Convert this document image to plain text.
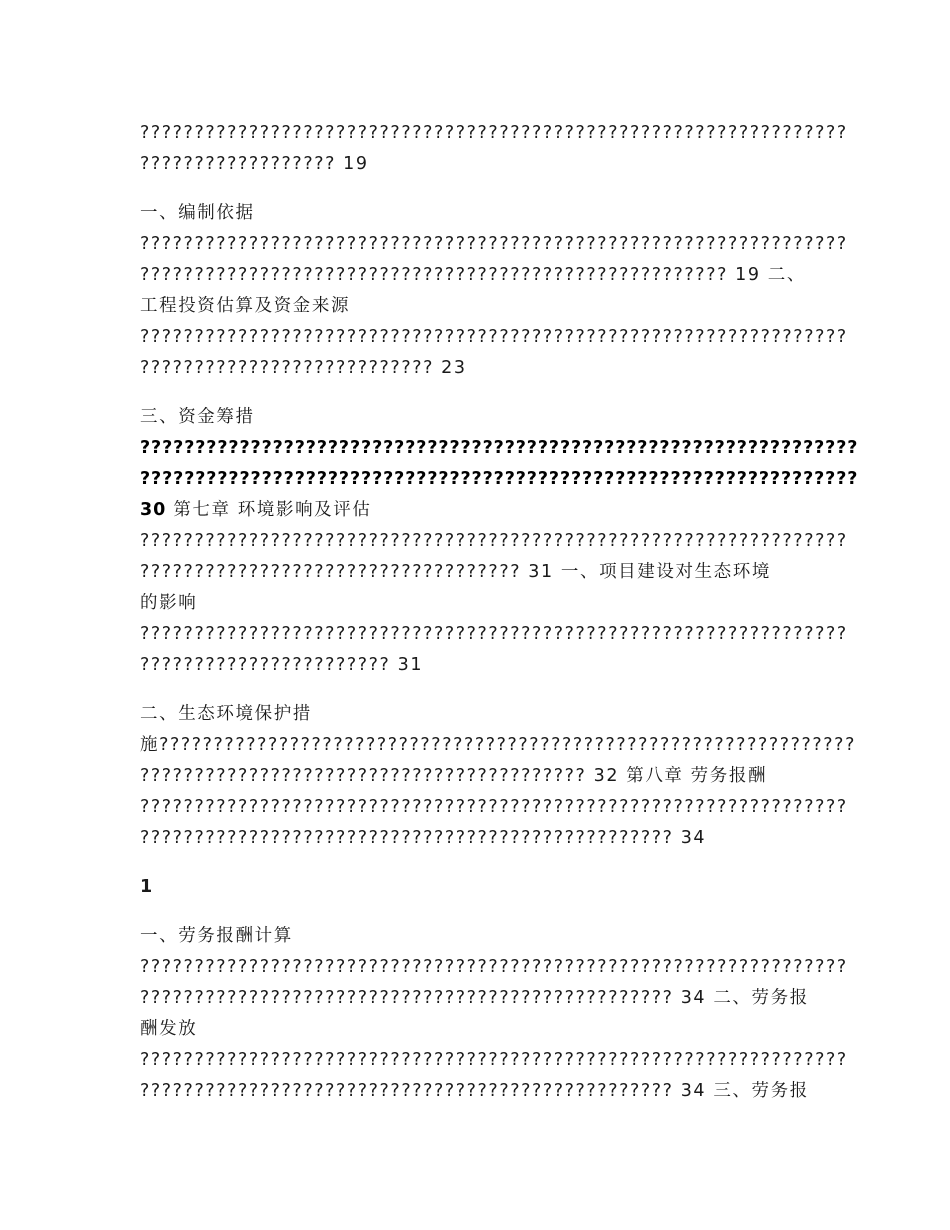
?????????????????????????????????????????????????????????????????

?????????????????? 19

一、编制依据

?????????????????????????????????????????????????????????????????

?????????????????????????????????????????????????????? 19 二、

工程投资估算及资金来源

?????????????????????????????????????????????????????????????????

??????????????????????????? 23

三、资金筹措

?????????????????????????????????????????????????????????????????

?????????????????????????????????????????????????????????????????

30 第七章 环境影响及评估

?????????????????????????????????????????????????????????????????

??????????????????????????????????? 31 一、项目建设对生态环境

的影响

?????????????????????????????????????????????????????????????????

??????????????????????? 31

二、生态环境保护措

施????????????????????????????????????????????????????????????????

????????????????????????????????????????? 32 第八章 劳务报酬

?????????????????????????????????????????????????????????????????

????????????????????????????????????????????????? 34

1

一、劳务报酬计算

?????????????????????????????????????????????????????????????????

????????????????????????????????????????????????? 34 二、劳务报

酬发放

?????????????????????????????????????????????????????????????????

????????????????????????????????????????????????? 34 三、劳务报
